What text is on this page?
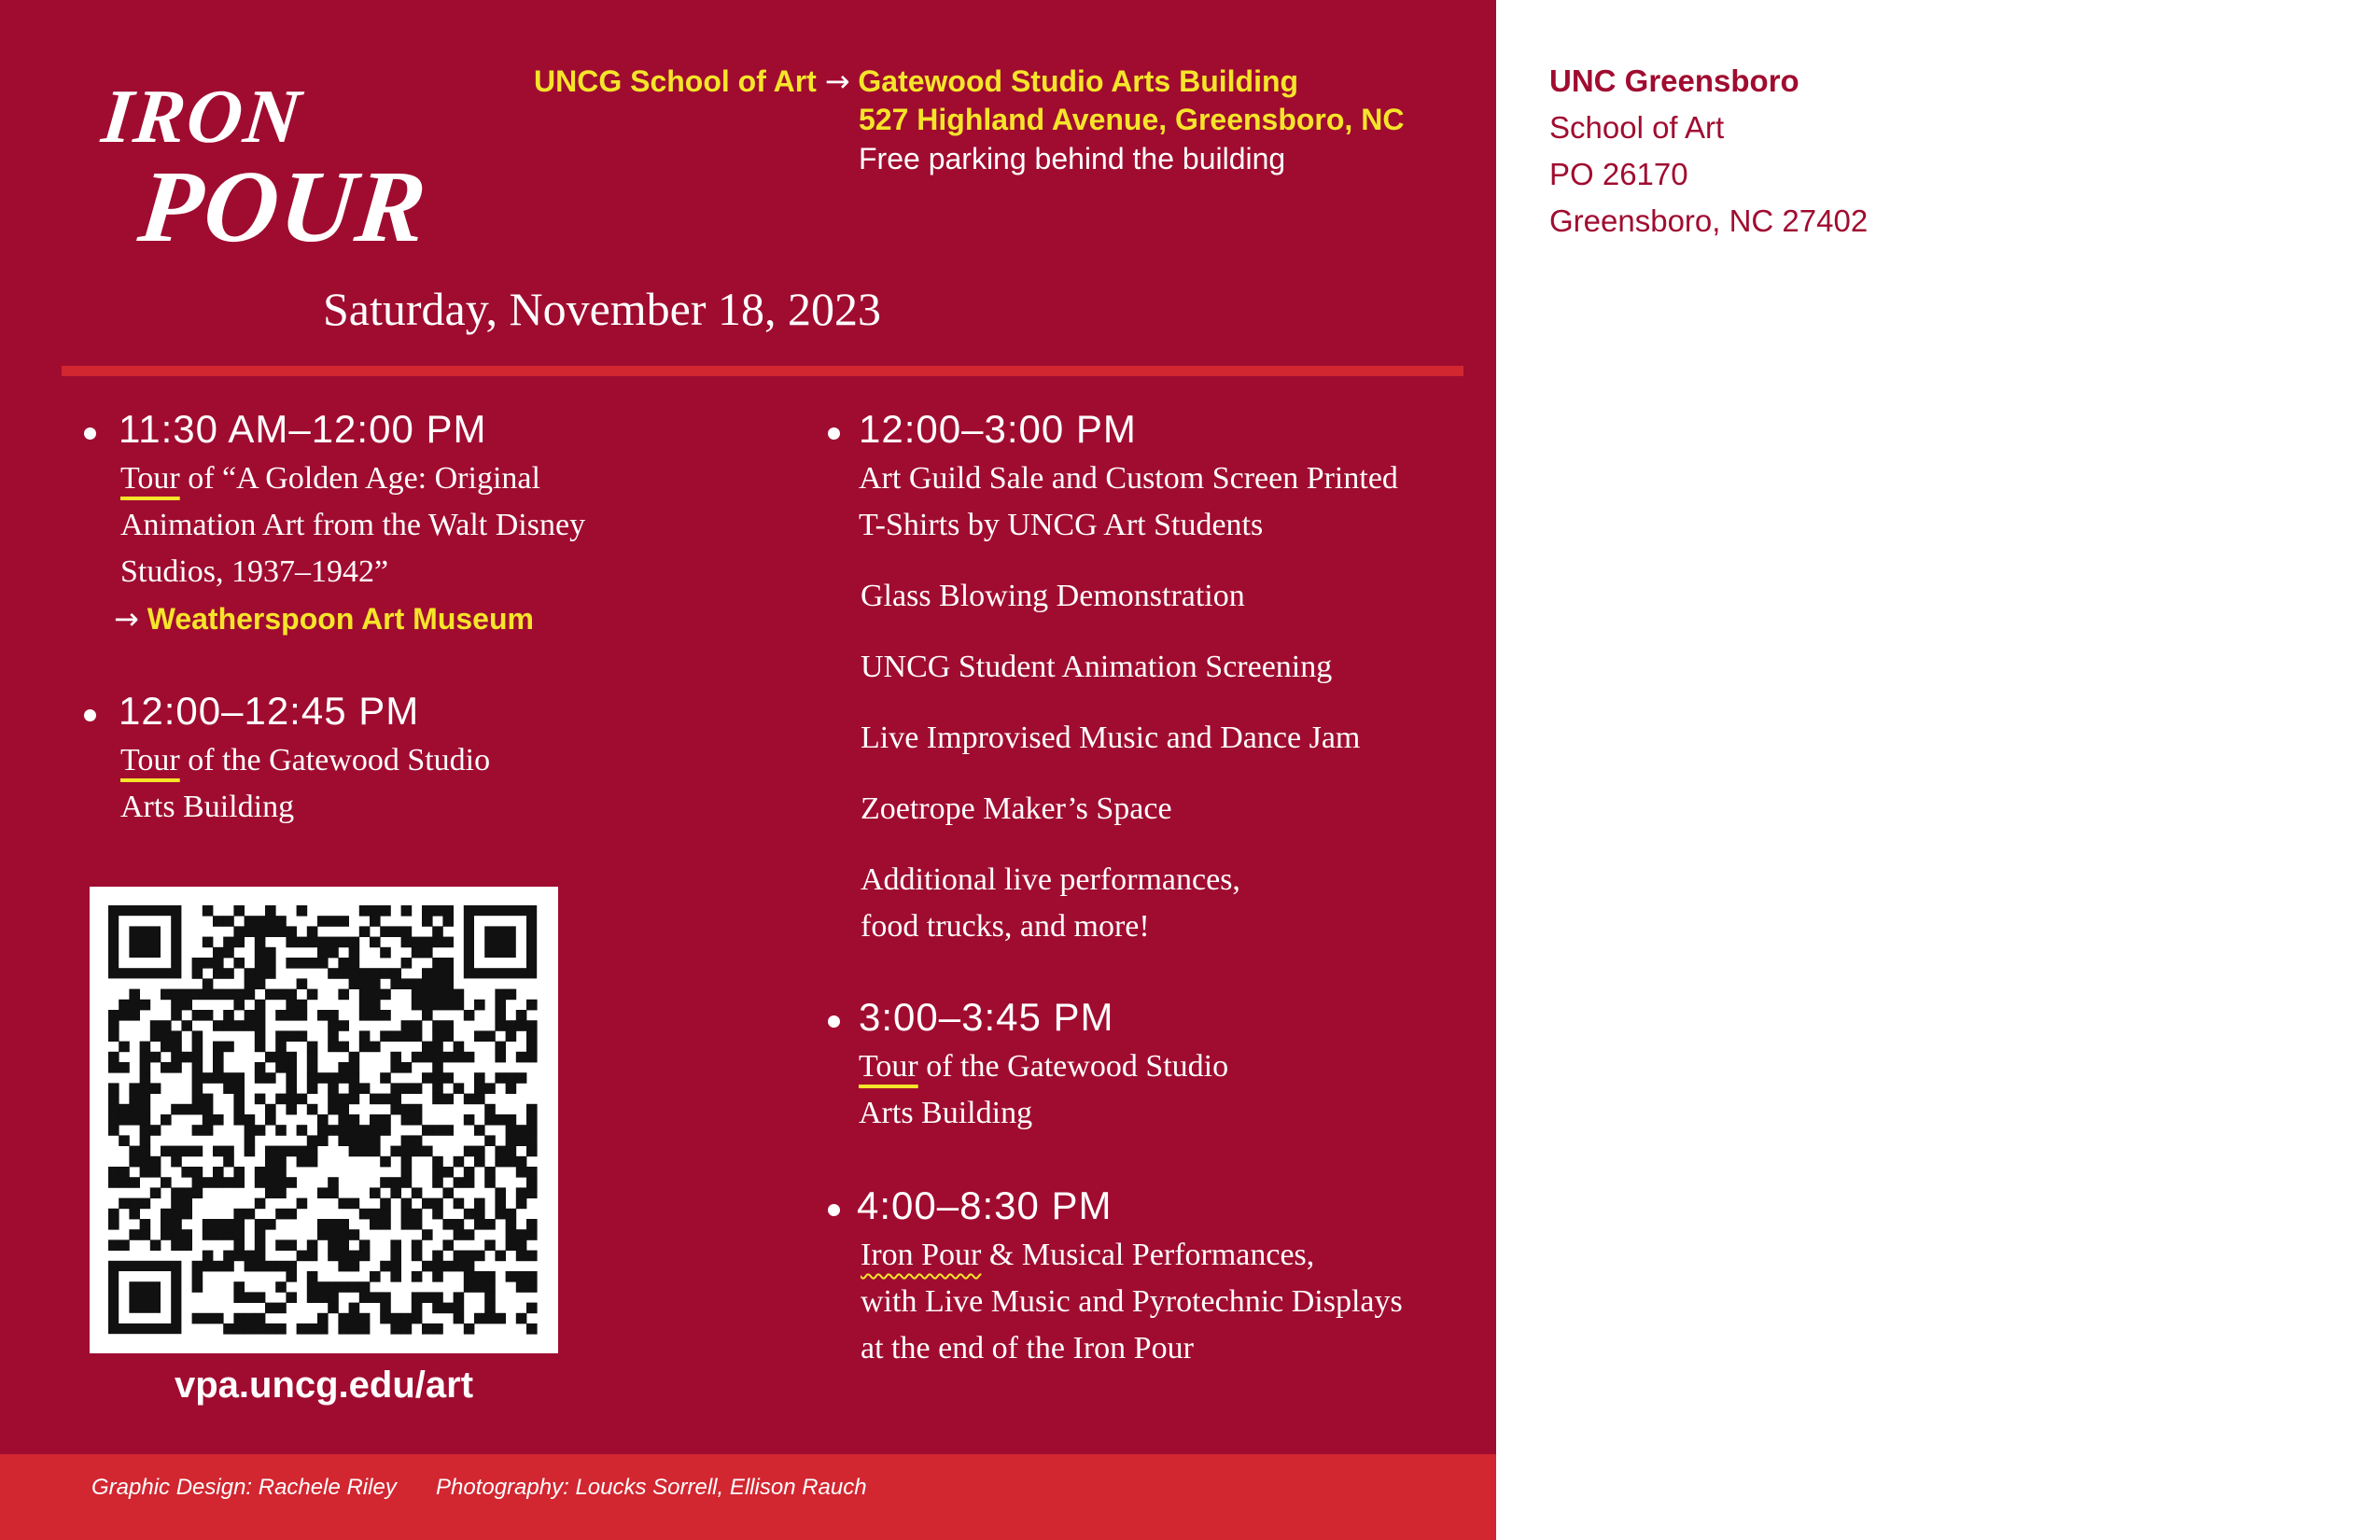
IRON
POUR
UNCG School of Art → Gatewood Studio Arts Building
527 Highland Avenue, Greensboro, NC
Free parking behind the building
Saturday, November 18, 2023
11:30 AM–12:00 PM
Tour of “A Golden Age: Original
Animation Art from the Walt Disney
Studios, 1937–1942”
→ Weatherspoon Art Museum
12:00–12:45 PM
Tour of the Gatewood Studio
Arts Building
vpa.uncg.edu/art
12:00–3:00 PM
Art Guild Sale and Custom Screen Printed
T-Shirts by UNCG Art Students
Glass Blowing Demonstration
UNCG Student Animation Screening
Live Improvised Music and Dance Jam
Zoetrope Maker’s Space
Additional live performances,
food trucks, and more!
3:00–3:45 PM
Tour of the Gatewood Studio
Arts Building
4:00–8:30 PM
Iron Pour & Musical Performances,
with Live Music and Pyrotechnic Displays
at the end of the Iron Pour
Graphic Design: Rachele Riley Photography: Loucks Sorrell, Ellison Rauch
UNC Greensboro
School of Art
PO 26170
Greensboro, NC 27402
